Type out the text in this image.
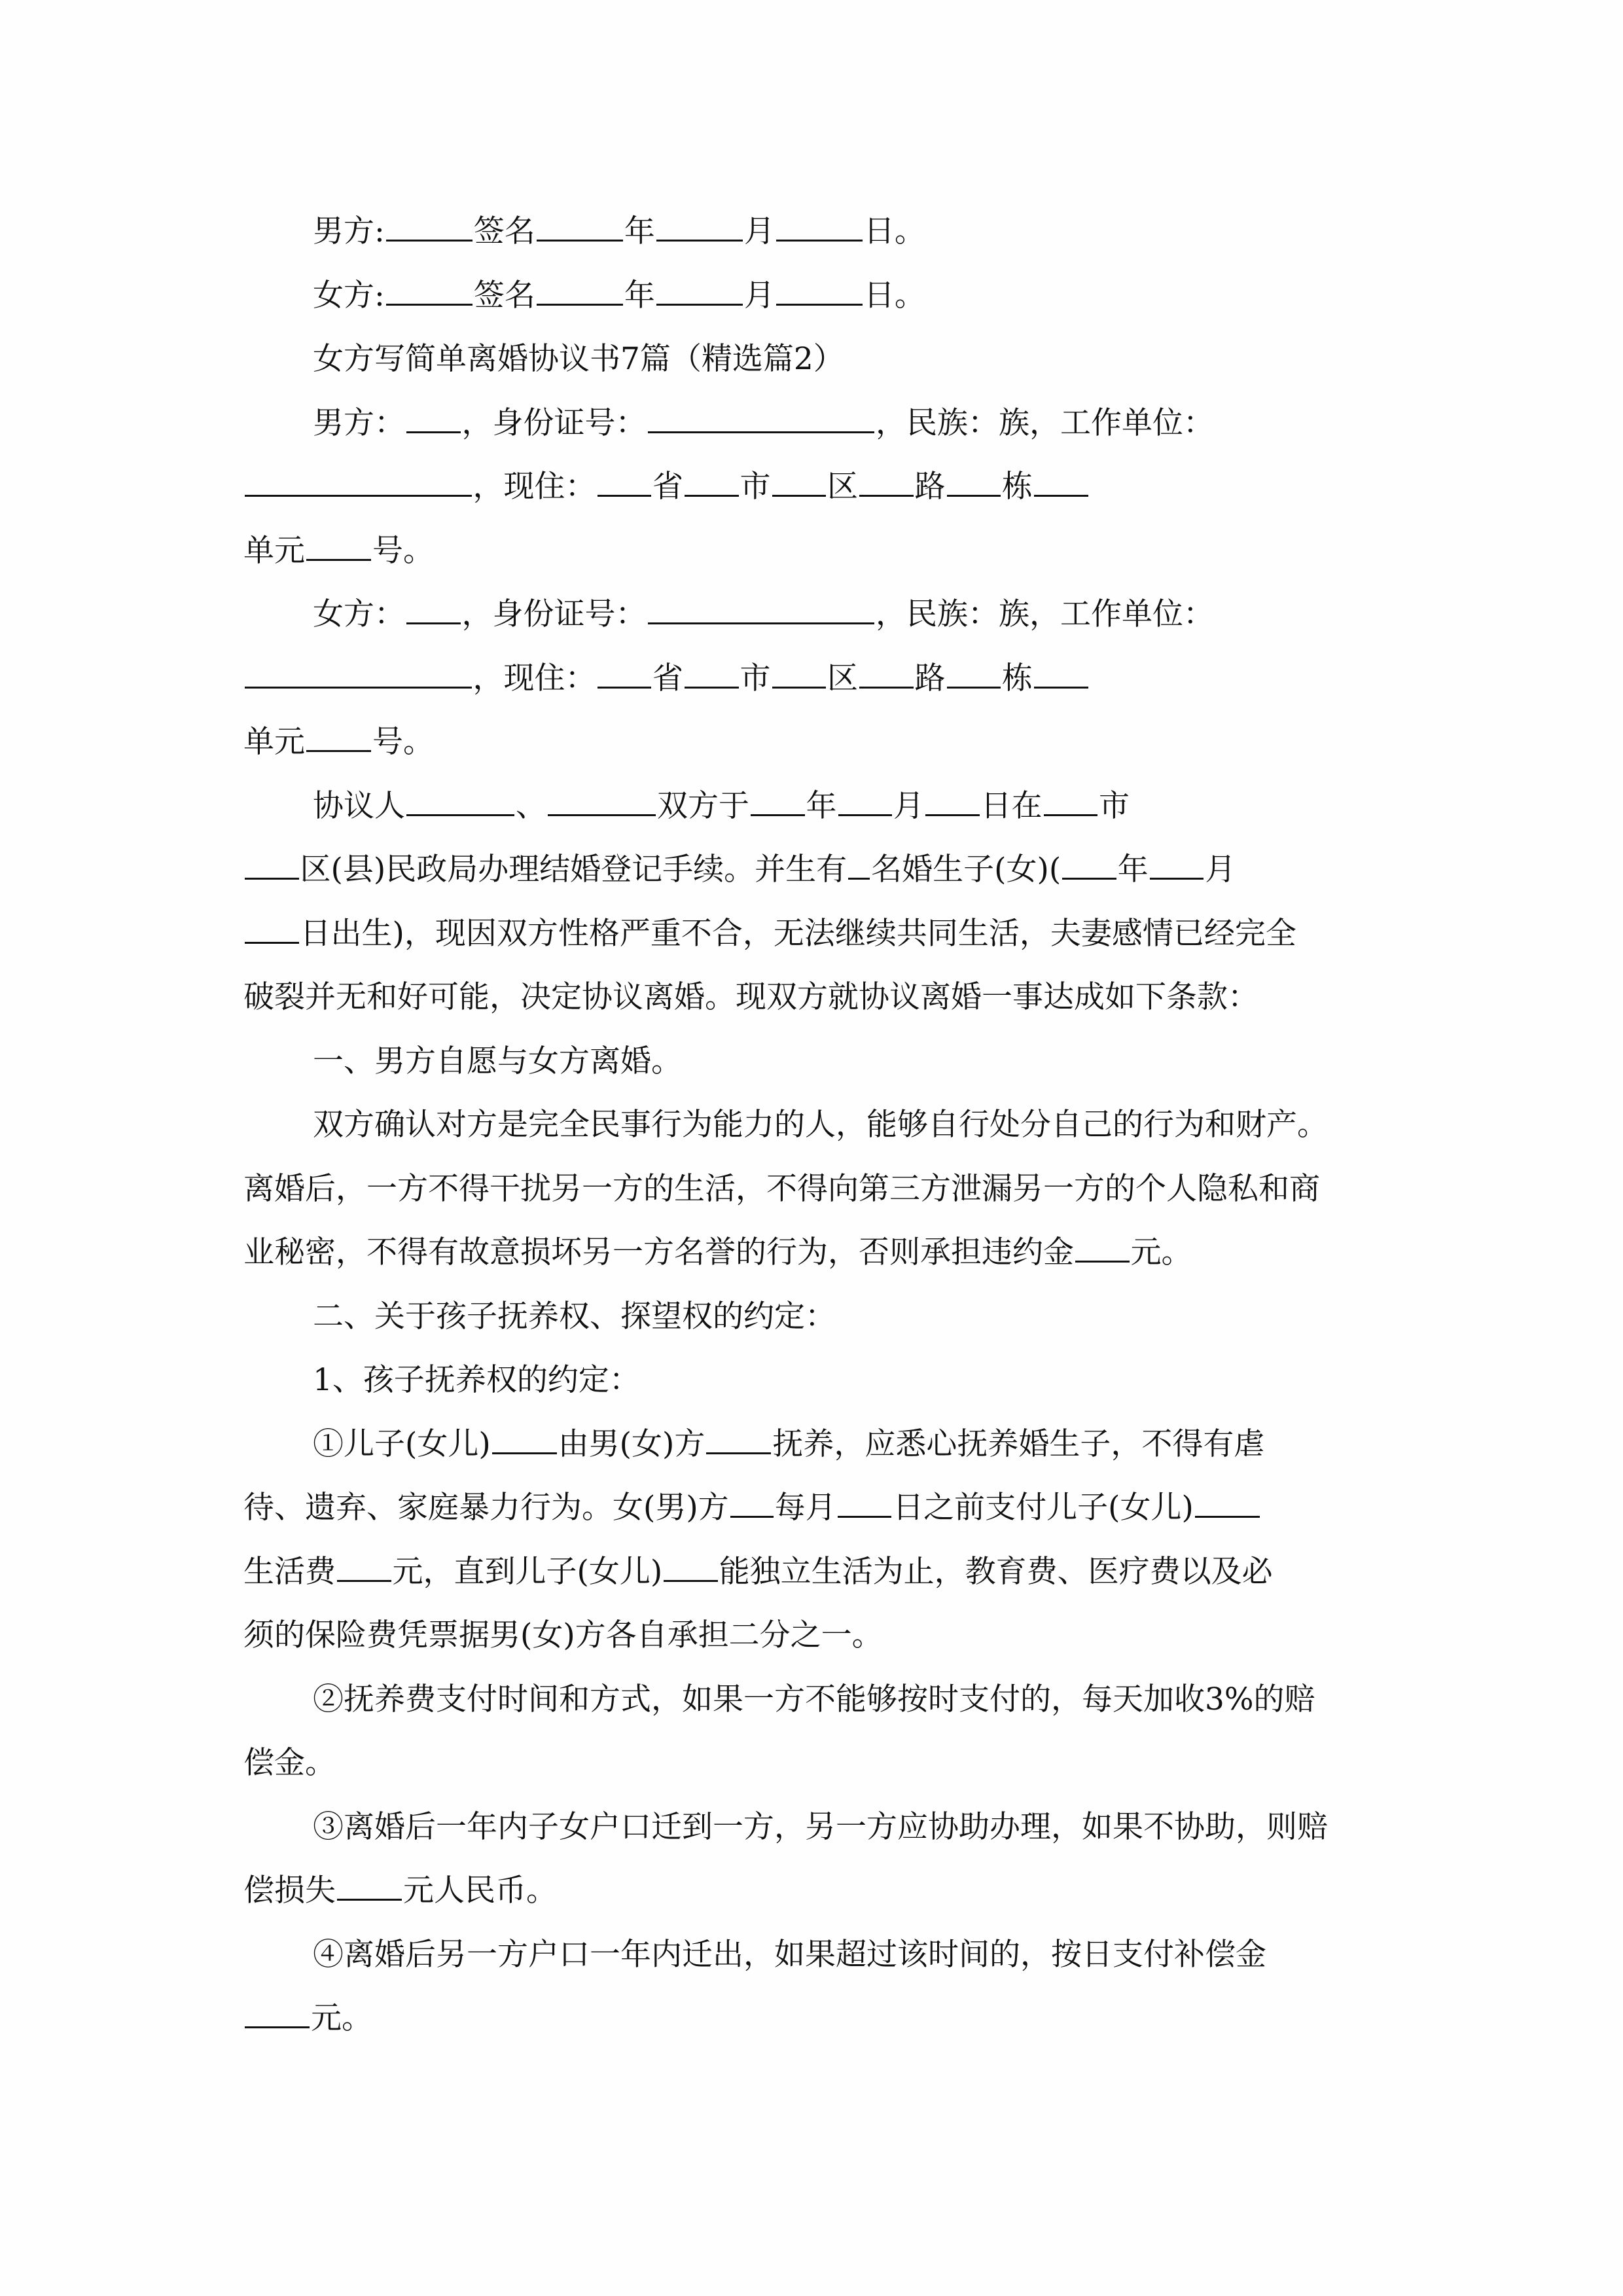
男方:	签名	年	月	日。
女方:	签名	年	月	日。
女方写简单离婚协议书7篇（精选篇2）
男方： ，身份证号：	，民族：族，工作单位：
，现住： 省 市 区 路 栋
单元 号。
女方： ，身份证号：	，民族：族，工作单位：
，现住： 省 市 区 路 栋
单元 号。
协议人	、	双方于 年 月 日在 市
区(县)民政局办理结婚登记手续。并生有 名婚生子(女)( 年 月
日出生)，现因双方性格严重不合，无法继续共同生活，夫妻感情已经完全
破裂并无和好可能，决定协议离婚。现双方就协议离婚一事达成如下条款：
一、男方自愿与女方离婚。
双方确认对方是完全民事行为能力的人，能够自行处分自己的行为和财产。
离婚后，一方不得干扰另一方的生活，不得向第三方泄漏另一方的个人隐私和商
业秘密，不得有故意损坏另一方名誉的行为，否则承担违约金 元。
二、关于孩子抚养权、探望权的约定：
1、孩子抚养权的约定：
①儿子(女儿) 由男(女)方 抚养，应悉心抚养婚生子，不得有虐
待、遗弃、家庭暴力行为。女(男)方 每月 日之前支付儿子(女儿)
生活费 元，直到儿子(女儿) 能独立生活为止，教育费、医疗费以及必
须的保险费凭票据男(女)方各自承担二分之一。
②抚养费支付时间和方式，如果一方不能够按时支付的，每天加收3%的赔
偿金。
③离婚后一年内子女户口迁到一方，另一方应协助办理，如果不协助，则赔
偿损失 元人民币。
④离婚后另一方户口一年内迁出，如果超过该时间的，按日支付补偿金
元。
